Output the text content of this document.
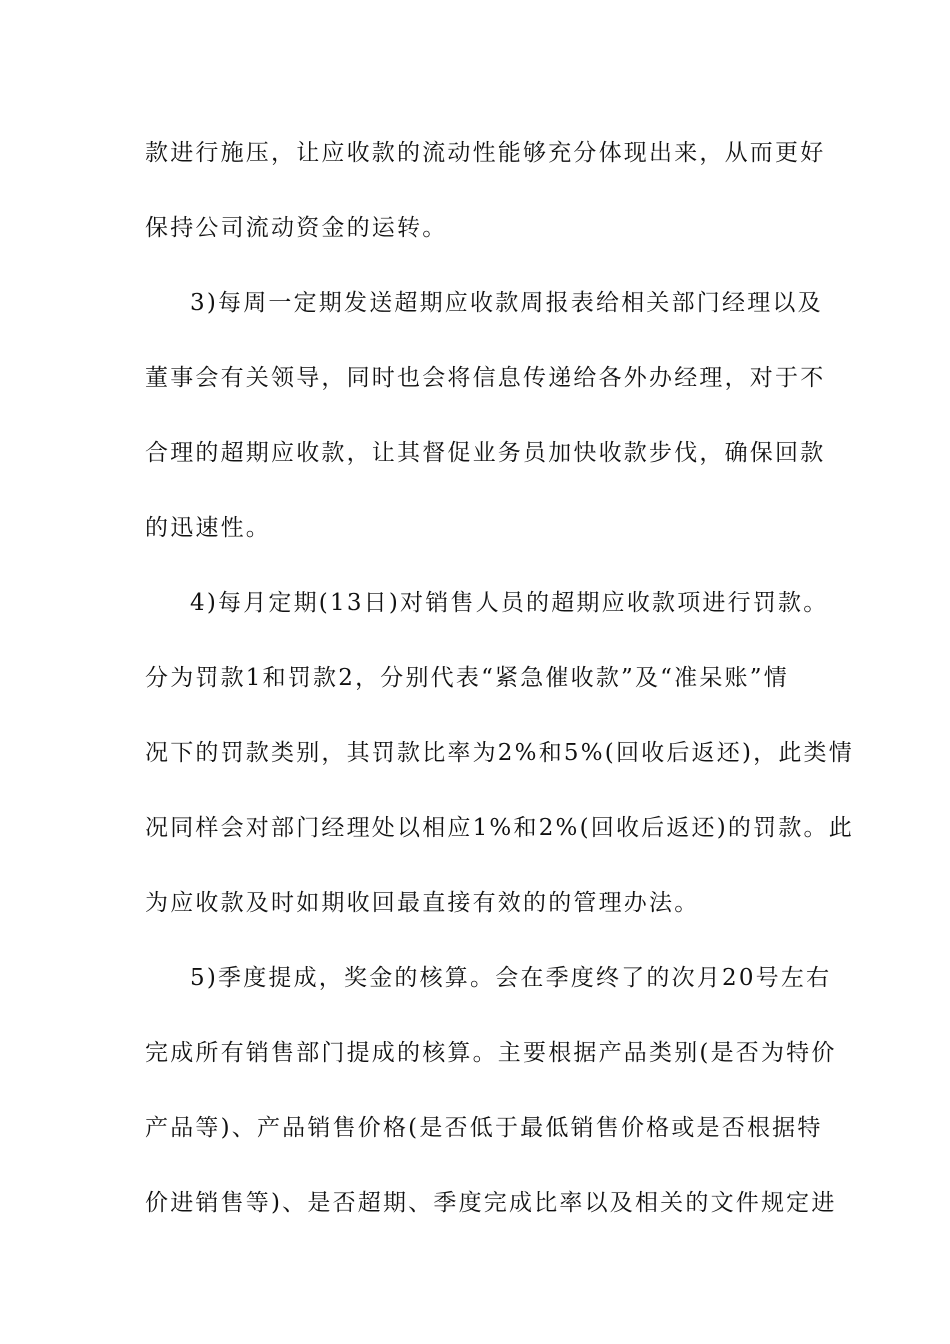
款进行施压，让应收款的流动性能够充分体现出来，从而更好
保持公司流动资金的运转。
3)每周一定期发送超期应收款周报表给相关部门经理以及
董事会有关领导，同时也会将信息传递给各外办经理，对于不
合理的超期应收款，让其督促业务员加快收款步伐，确保回款
的迅速性。
4)每月定期(13日)对销售人员的超期应收款项进行罚款。
分为罚款1和罚款2，分别代表“紧急催收款”及“准呆账”情
况下的罚款类别，其罚款比率为2%和5%(回收后返还)，此类情
况同样会对部门经理处以相应1%和2%(回收后返还)的罚款。此
为应收款及时如期收回最直接有效的的管理办法。
5)季度提成，奖金的核算。会在季度终了的次月20号左右
完成所有销售部门提成的核算。主要根据产品类别(是否为特价
产品等)、产品销售价格(是否低于最低销售价格或是否根据特
价进销售等)、是否超期、季度完成比率以及相关的文件规定进
